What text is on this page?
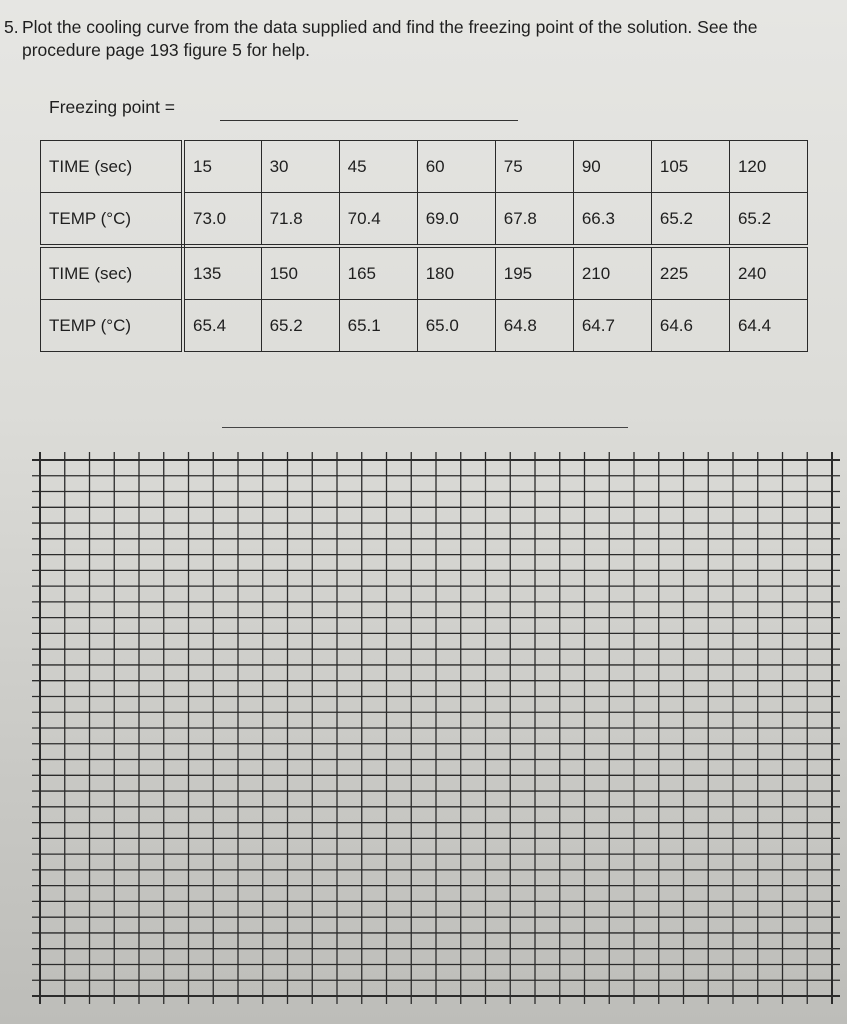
5. Plot the cooling curve from the data supplied and find the freezing point of the solution. See the procedure page 193 figure 5 for help.
Freezing point =
TIME (sec)	15	30	45	60	75	90	105	120
TEMP (°C)	73.0	71.8	70.4	69.0	67.8	66.3	65.2	65.2
TIME (sec)	135	150	165	180	195	210	225	240
TEMP (°C)	65.4	65.2	65.1	65.0	64.8	64.7	64.6	64.4
